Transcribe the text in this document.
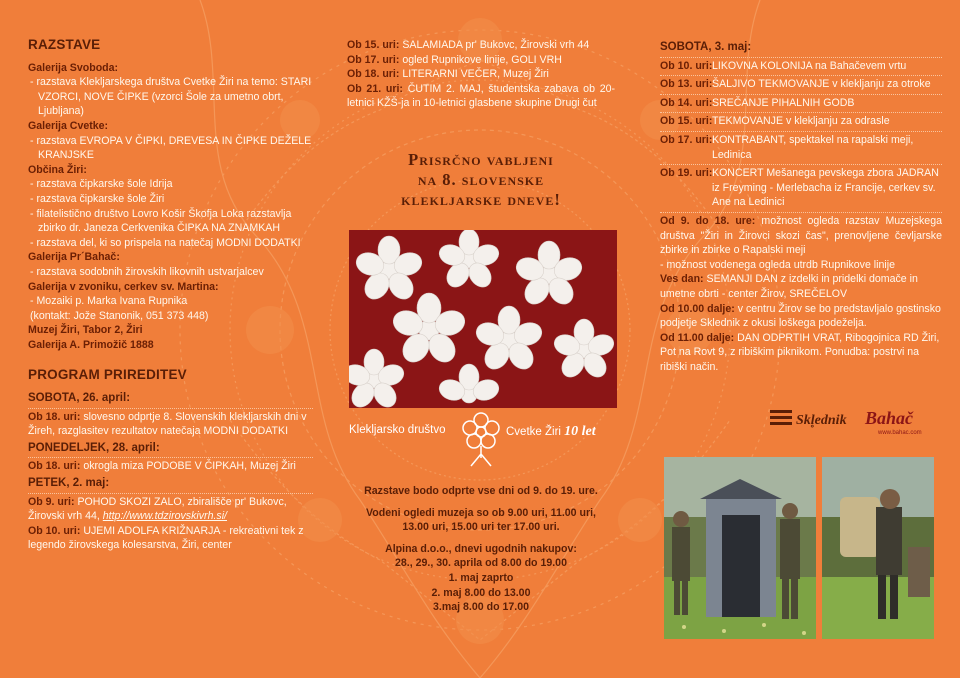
RAZSTAVE
Galerija Svoboda:
- razstava Klekljarskega društva Cvetke Žiri na temo: STARI VZORCI, NOVE ČIPKE (vzorci Šole za umetno obrt, Ljubljana)
Galerija Cvetke:
- razstava EVROPA V ČIPKI, DREVESA IN ČIPKE DEŽELE KRANJSKE
Občina Žiri:
- razstava čipkarske šole Idrija
- razstava čipkarske šole Žiri
- filatelistično društvo Lovro Košir Škofja Loka razstavlja zbirko dr. Janeza Cerkvenika ČIPKA NA ZNAMKAH
- razstava del, ki so prispela na natečaj MODNI DODATKI
Galerija Pr´Bahač:
- razstava sodobnih žirovskih likovnih ustvarjalcev
Galerija v zvoniku, cerkev sv. Martina:
- Mozaiki p. Marka Ivana Rupnika
(kontakt: Jože Stanonik, 051 373 448)
Muzej Žiri, Tabor 2, Žiri
Galerija A. Primožič 1888
PROGRAM PRIREDITEV
SOBOTA, 26. april:
Ob 18. uri: slovesno odprtje 8. Slovenskih klekljarskih dni v Žireh, razglasitev rezultatov natečaja MODNI DODATKI
PONEDELJEK, 28. april:
Ob 18. uri: okrogla miza PODOBE V ČIPKAH, Muzej Žiri
PETEK, 2. maj:
Ob 9. uri: POHOD SKOZI ZALO, zbirališče pr' Bukovc, Žirovski vrh 44, http://www.tdzirovskivrh.si/
Ob 10. uri: UJEMI ADOLFA KRIŽNARJA - rekreativni tek z legendo žirovskega kolesarstva, Žiri, center
Ob 15. uri: SALAMIADA pr' Bukovc, Žirovski vrh 44
Ob 17. uri: ogled Rupnikove linije, GOLI VRH
Ob 18. uri: LITERARNI VEČER, Muzej Žiri
Ob 21. uri: ČUTIM 2. MAJ, študentska zabava ob 20-letnici KŽŠ-ja in 10-letnici glasbene skupine Drugi čut
Prisrčno vabljeni
na 8. slovenske
klekljarske dneve!
Klekljarsko društvo	Cvetke Žiri 10 let

Razstave bodo odprte vse dni od 9. do 19. ure.

Vodeni ogledi muzeja so ob 9.00 uri, 11.00 uri,
13.00 uri, 15.00 uri ter 17.00 uri.

Alpina d.o.o., dnevi ugodnih nakupov:
28., 29., 30. aprila od 8.00 do 19.00
1. maj zaprto
2. maj 8.00 do 13.00
3.maj 8.00 do 17.00

SOBOTA, 3. maj:
Ob 10. uri: LIKOVNA KOLONIJA na Bahačevem vrtu
Ob 13. uri: ŠALJIVO TEKMOVANJE v klekljanju za otroke
Ob 14. uri: SREČANJE PIHALNIH GODB
Ob 15. uri: TEKMOVANJE v klekljanju za odrasle
Ob 17. uri: KONTRABANT, spektakel na rapalski meji, Ledinica
Ob 19. uri: KONCERT Mešanega pevskega zbora JADRAN iz Freyming - Merlebacha iz Francije, cerkev sv. Ane na Ledinici
Od 9. do 18. ure: možnost ogleda razstav Muzejskega društva "Žiri in Žirovci skozi čas", prenovljene čevljarske zbirke in zbirke o Rapalski meji
- možnost vodenega ogleda utrdb Rupnikove linije
Ves dan: SEMANJI DAN z izdelki in pridelki domače in umetne obrti - center Žirov, SREČELOV
Od 10.00 dalje: v centru Žirov se bo predstavljalo gostinsko podjetje Sklednik z okusi loškega podeželja.
Od 11.00 dalje: DAN ODPRTIH VRAT, Ribogojnica RD Žiri, Pot na Rovt 9, z ribiškim piknikom. Ponudba: postrvi na ribiški način.
Skl̥ednik Bahač
www.bahac.com
